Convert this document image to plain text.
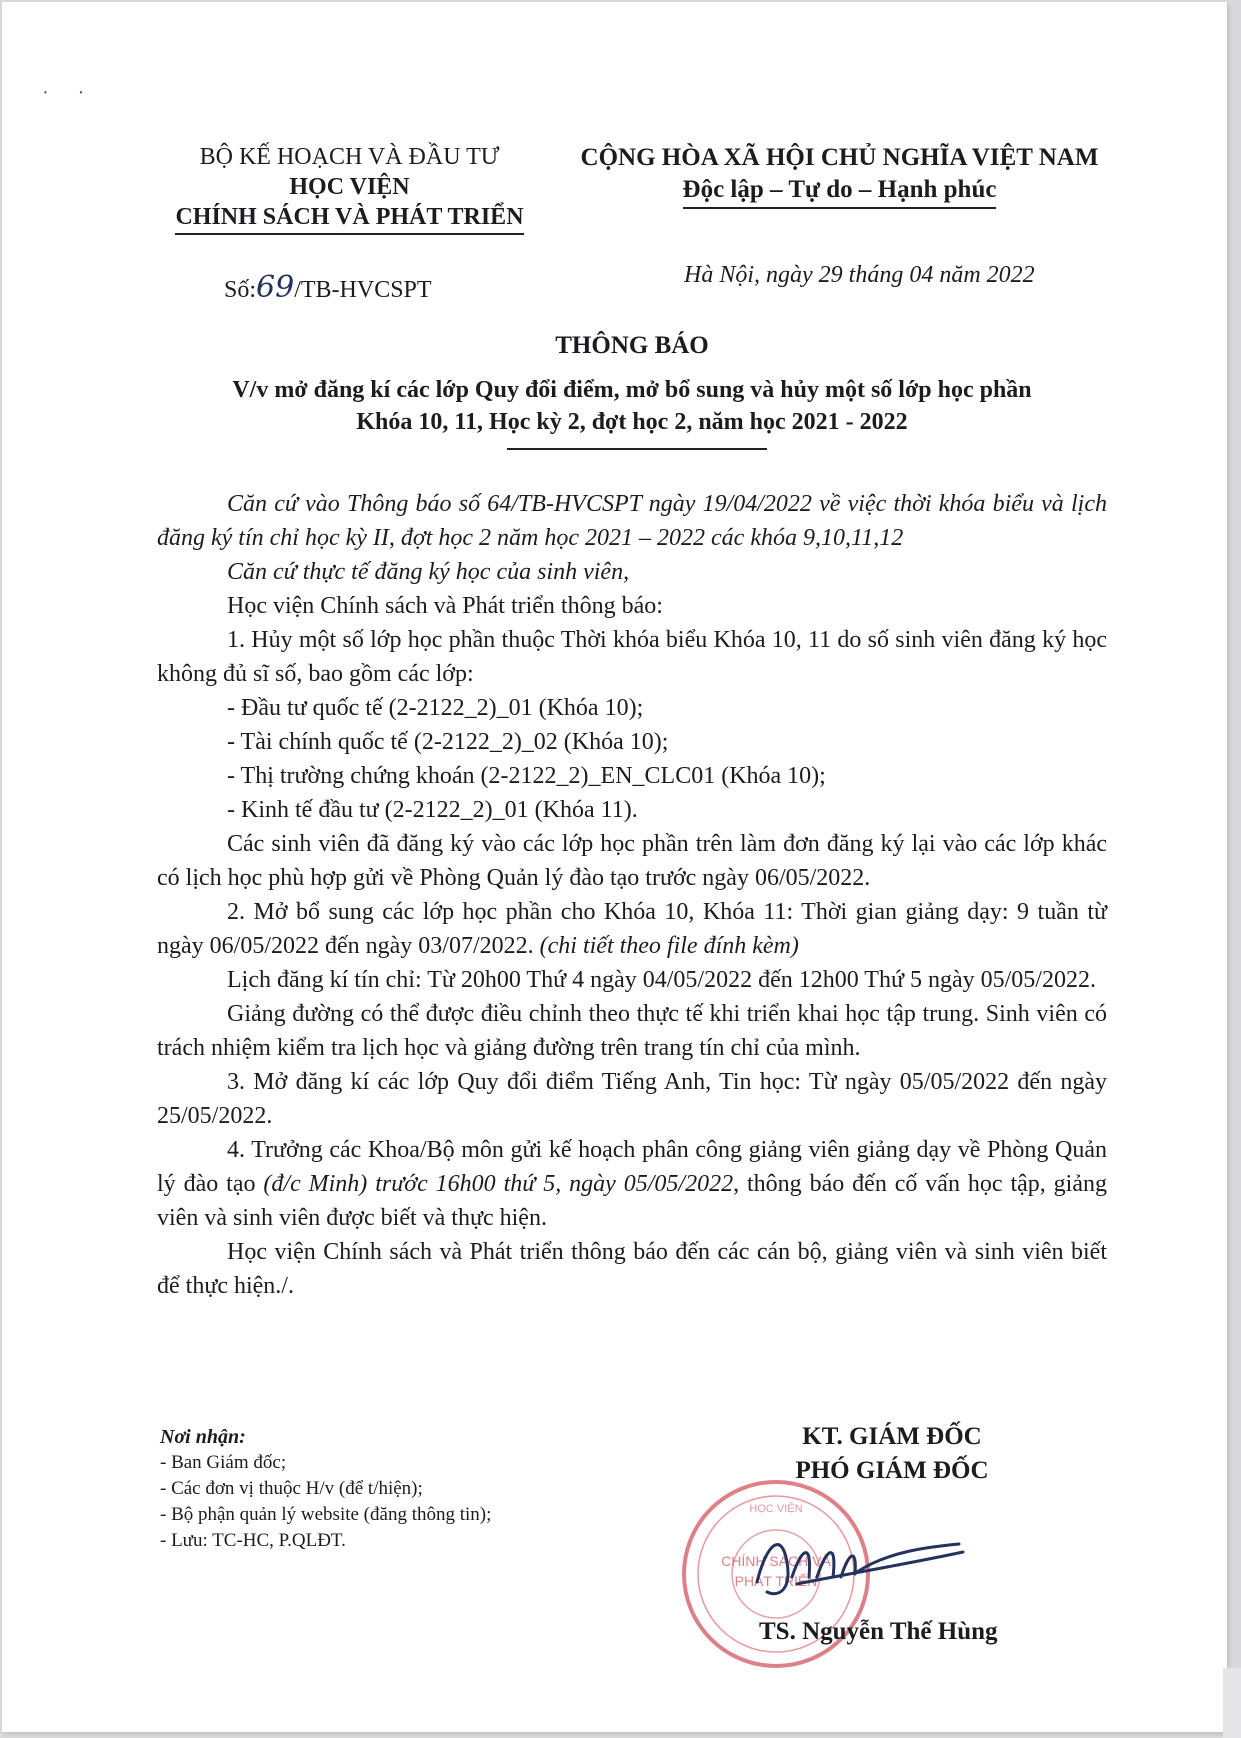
· ·
BỘ KẾ HOẠCH VÀ ĐẦU TƯ
HỌC VIỆN
CHÍNH SÁCH VÀ PHÁT TRIỂN
CỘNG HÒA XÃ HỘI CHỦ NGHĨA VIỆT NAM
Độc lập – Tự do – Hạnh phúc
Số:69/TB-HVCSPT
Hà Nội, ngày 29 tháng 04 năm 2022
THÔNG BÁO
V/v mở đăng kí các lớp Quy đổi điểm, mở bổ sung và hủy một số lớp học phần
Khóa 10, 11, Học kỳ 2, đợt học 2, năm học 2021 - 2022

Căn cứ vào Thông báo số 64/TB-HVCSPT ngày 19/04/2022 về việc thời khóa biểu và lịch đăng ký tín chỉ học kỳ II, đợt học 2 năm học 2021 – 2022 các khóa 9,10,11,12

Căn cứ thực tế đăng ký học của sinh viên,

Học viện Chính sách và Phát triển thông báo:

1. Hủy một số lớp học phần thuộc Thời khóa biểu Khóa 10, 11 do số sinh viên đăng ký học không đủ sĩ số, bao gồm các lớp:

- Đầu tư quốc tế (2-2122_2)_01 (Khóa 10);

- Tài chính quốc tế (2-2122_2)_02 (Khóa 10);

- Thị trường chứng khoán (2-2122_2)_EN_CLC01 (Khóa 10);

- Kinh tế đầu tư (2-2122_2)_01 (Khóa 11).

Các sinh viên đã đăng ký vào các lớp học phần trên làm đơn đăng ký lại vào các lớp khác có lịch học phù hợp gửi về Phòng Quản lý đào tạo trước ngày 06/05/2022.

2. Mở bổ sung các lớp học phần cho Khóa 10, Khóa 11: Thời gian giảng dạy: 9 tuần từ ngày 06/05/2022 đến ngày 03/07/2022. (chi tiết theo file đính kèm)

Lịch đăng kí tín chỉ: Từ 20h00 Thứ 4 ngày 04/05/2022 đến 12h00 Thứ 5 ngày 05/05/2022.

Giảng đường có thể được điều chỉnh theo thực tế khi triển khai học tập trung. Sinh viên có trách nhiệm kiểm tra lịch học và giảng đường trên trang tín chỉ của mình.

3. Mở đăng kí các lớp Quy đổi điểm Tiếng Anh, Tin học: Từ ngày 05/05/2022 đến ngày 25/05/2022.

4. Trưởng các Khoa/Bộ môn gửi kế hoạch phân công giảng viên giảng dạy về Phòng Quản lý đào tạo (đ/c Minh) trước 16h00 thứ 5, ngày 05/05/2022, thông báo đến cố vấn học tập, giảng viên và sinh viên được biết và thực hiện.

Học viện Chính sách và Phát triển thông báo đến các cán bộ, giảng viên và sinh viên biết để thực hiện./.

Nơi nhận:
- Ban Giám đốc;
- Các đơn vị thuộc H/v (để t/hiện);
- Bộ phận quản lý website (đăng thông tin);
- Lưu: TC-HC, P.QLĐT.
KT. GIÁM ĐỐC
PHÓ GIÁM ĐỐC
CHÍNH SÁCH VÀ
PHÁT TRIỂN
HỌC VIỆN
TS. Nguyễn Thế Hùng
